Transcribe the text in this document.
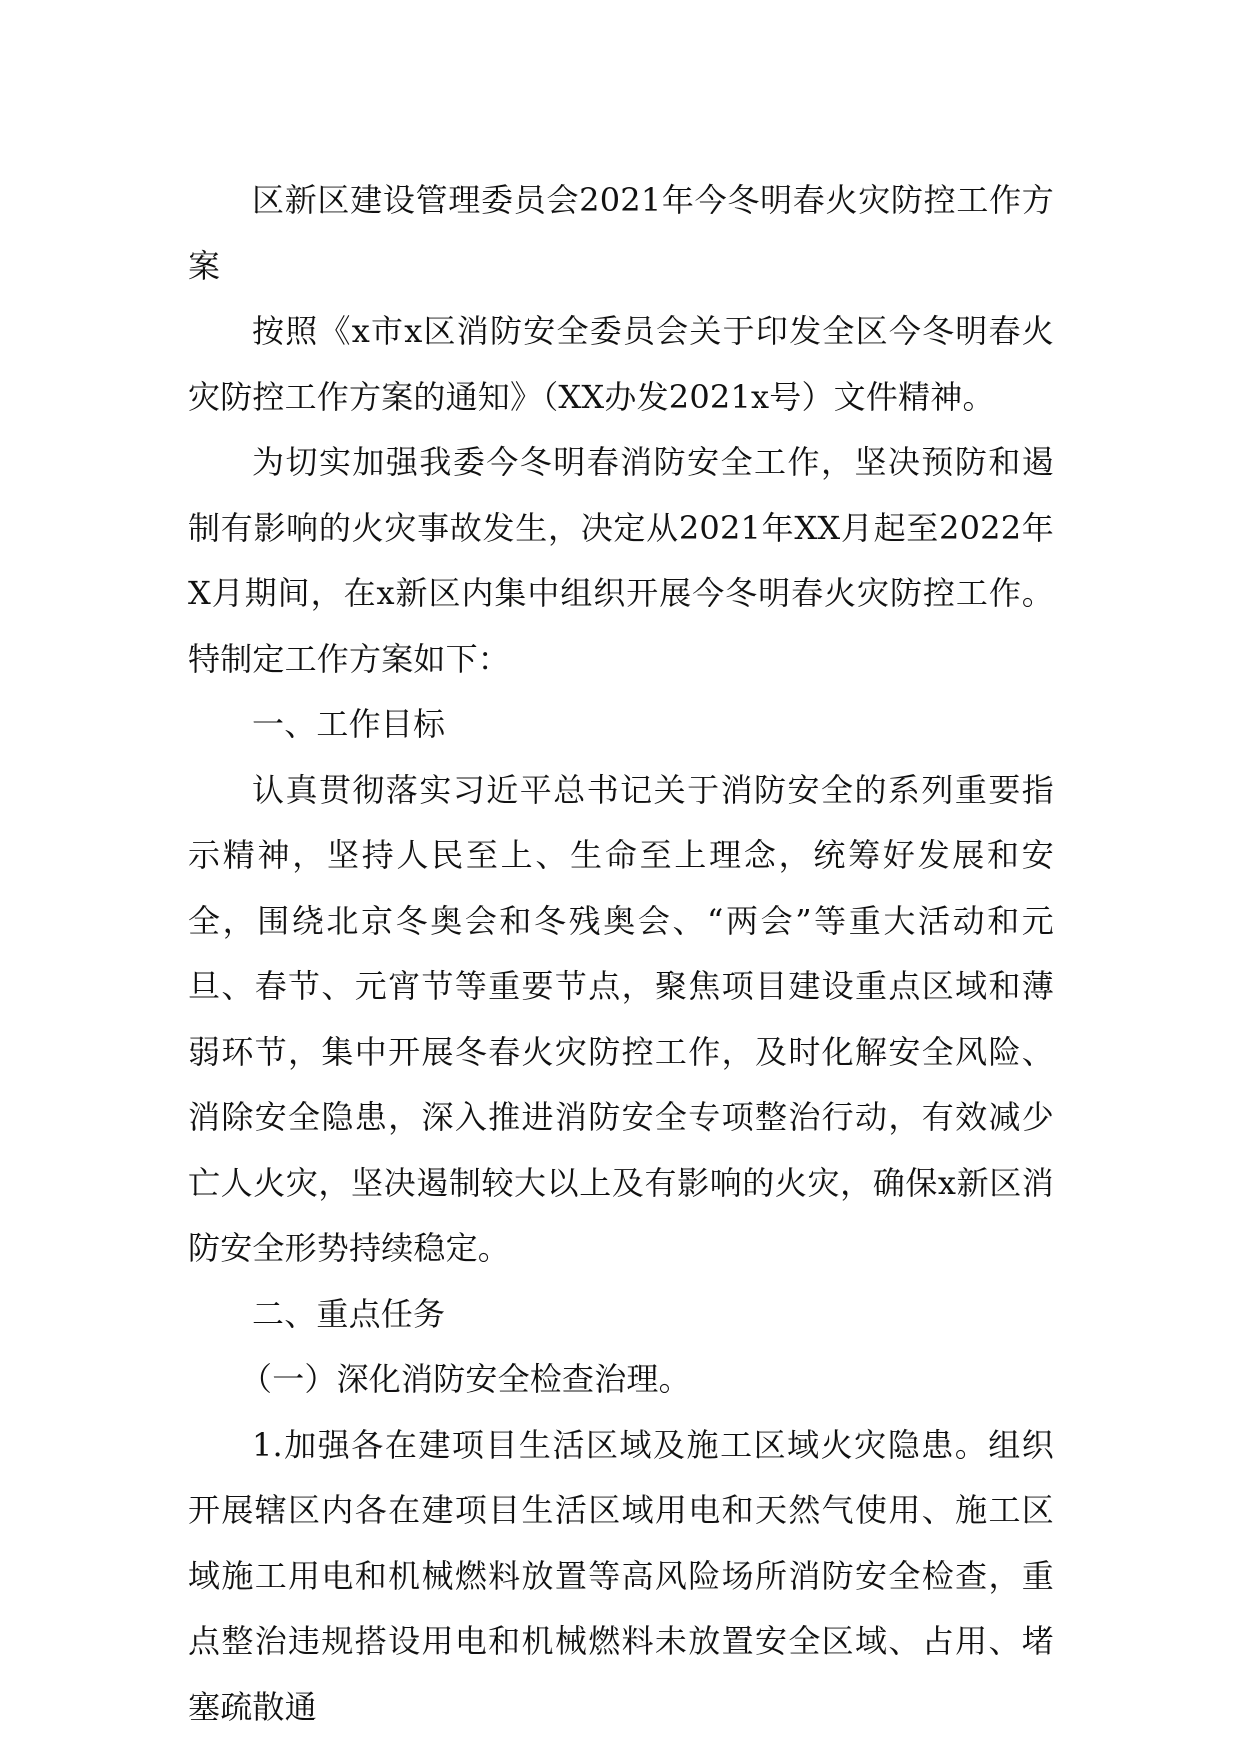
区新区建设管理委员会2021年今冬明春火灾防控工作方案

按照《x市x区消防安全委员会关于印发全区今冬明春火灾防控工作方案的通知》（XX办发2021x号）文件精神。

为切实加强我委今冬明春消防安全工作，坚决预防和遏制有影响的火灾事故发生，决定从2021年XX月起至2022年X月期间，在x新区内集中组织开展今冬明春火灾防控工作。特制定工作方案如下：

一、工作目标

认真贯彻落实习近平总书记关于消防安全的系列重要指示精神，坚持人民至上、生命至上理念，统筹好发展和安全，围绕北京冬奥会和冬残奥会、“两会”等重大活动和元旦、春节、元宵节等重要节点，聚焦项目建设重点区域和薄弱环节，集中开展冬春火灾防控工作，及时化解安全风险、消除安全隐患，深入推进消防安全专项整治行动，有效减少亡人火灾，坚决遏制较大以上及有影响的火灾，确保x新区消防安全形势持续稳定。

二、重点任务

（一）深化消防安全检查治理。

1.加强各在建项目生活区域及施工区域火灾隐患。组织开展辖区内各在建项目生活区域用电和天然气使用、施工区域施工用电和机械燃料放置等高风险场所消防安全检查，重点整治违规搭设用电和机械燃料未放置安全区域、占用、堵塞疏散通
